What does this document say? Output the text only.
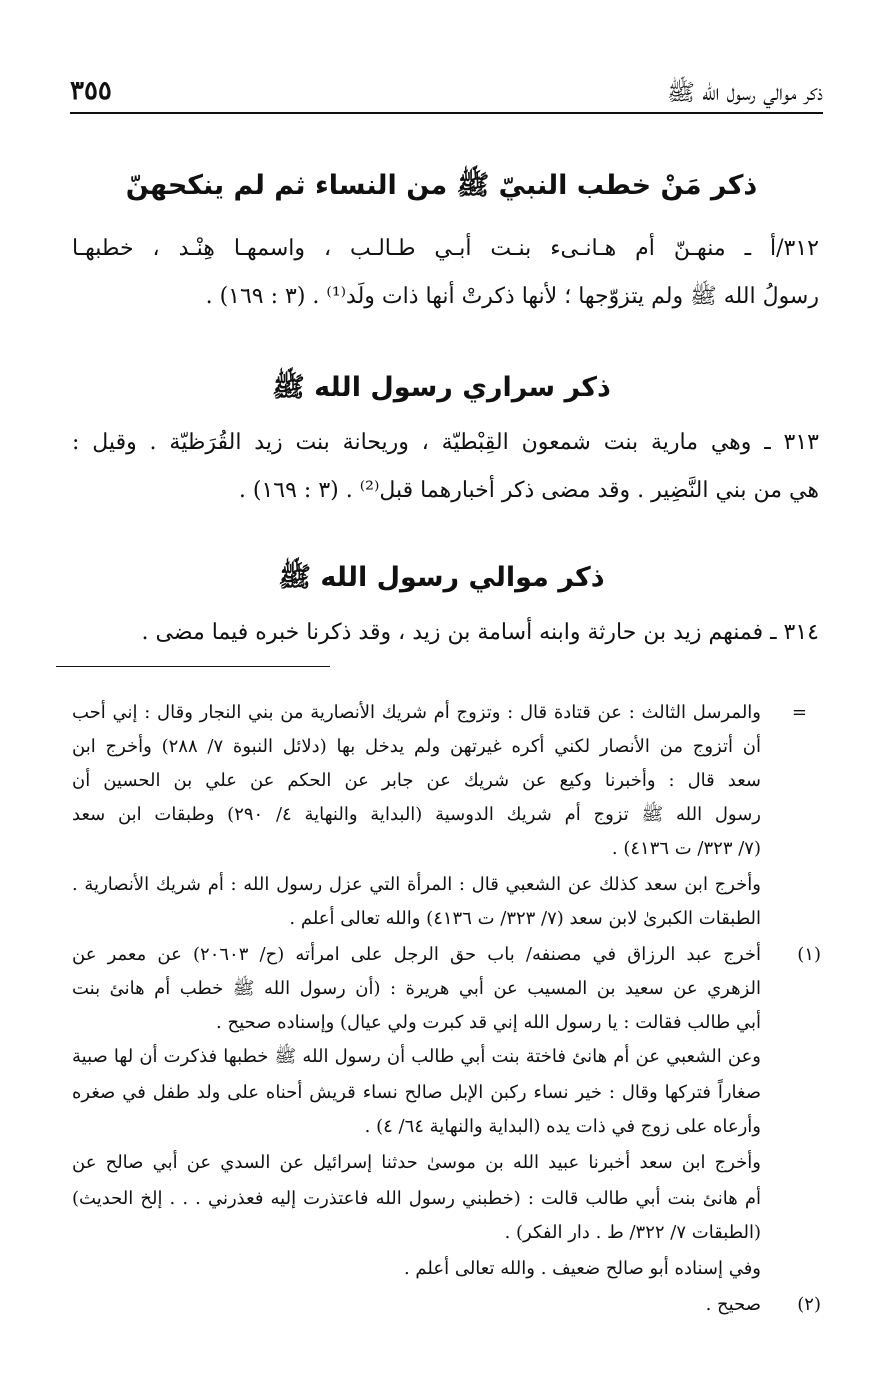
ذكر موالي رسول الله ﷺ
٣٥٥
ذكر مَنْ خطب النبيّ ﷺ من النساء ثم لم ينكحهنّ
٣١٢/أ ـ منهـنّ أم هـانـىء بنـت أبـي طـالـب ، واسمهـا هِنْـد ، خطبهـا
رسولُ الله ﷺ ولم يتزوّجها ؛ لأنها ذكرتْ أنها ذات ولَد⁽¹⁾ . (٣ : ١٦٩) .
ذكر سراري رسول الله ﷺ
٣١٣ ـ وهي مارية بنت شمعون القِبْطيّة ، وريحانة بنت زيد القُرَظيّة . وقيل :
هي من بني النَّضِير . وقد مضى ذكر أخبارهما قبل⁽²⁾ . (٣ : ١٦٩) .
ذكر موالي رسول الله ﷺ
٣١٤ ـ فمنهم زيد بن حارثة وابنه أسامة بن زيد ، وقد ذكرنا خبره فيما مضى .
=
والمرسل الثالث : عن قتادة قال : وتزوج أم شريك الأنصارية من بني النجار وقال : إني أحب
أن أتزوج من الأنصار لكني أكره غيرتهن ولم يدخل بها (دلائل النبوة ٧/ ٢٨٨) وأخرج ابن
سعد قال : وأخبرنا وكيع عن شريك عن جابر عن الحكم عن علي بن الحسين أن
رسول الله ﷺ تزوج أم شريك الدوسية (البداية والنهاية ٤/ ٢٩٠) وطبقات ابن سعد
(٧/ ٣٢٣/ ت ٤١٣٦) .
وأخرج ابن سعد كذلك عن الشعبي قال : المرأة التي عزل رسول الله : أم شريك الأنصارية .
الطبقات الكبرىٰ لابن سعد (٧/ ٣٢٣/ ت ٤١٣٦) والله تعالى أعلم .
(١)
أخرج عبد الرزاق في مصنفه/ باب حق الرجل على امرأته (ح/ ٢٠٦٠٣) عن معمر عن
الزهري عن سعيد بن المسيب عن أبي هريرة : (أن رسول الله ﷺ خطب أم هانئ بنت
أبي طالب فقالت : يا رسول الله إني قد كبرت ولي عيال) وإسناده صحيح .
وعن الشعبي عن أم هانئ فاختة بنت أبي طالب أن رسول الله ﷺ خطبها فذكرت أن لها صبية
صغاراً فتركها وقال : خير نساء ركبن الإبل صالح نساء قريش أحناه على ولد طفل في صغره
وأرعاه على زوج في ذات يده (البداية والنهاية ٦٤/ ٤) .
وأخرج ابن سعد أخبرنا عبيد الله بن موسىٰ حدثنا إسرائيل عن السدي عن أبي صالح عن
أم هانئ بنت أبي طالب قالت : (خطبني رسول الله فاعتذرت إليه فعذرني . . . إلخ الحديث)
(الطبقات ٧/ ٣٢٢/ ط . دار الفكر) .
وفي إسناده أبو صالح ضعيف . والله تعالى أعلم .
(٢)
صحيح .
